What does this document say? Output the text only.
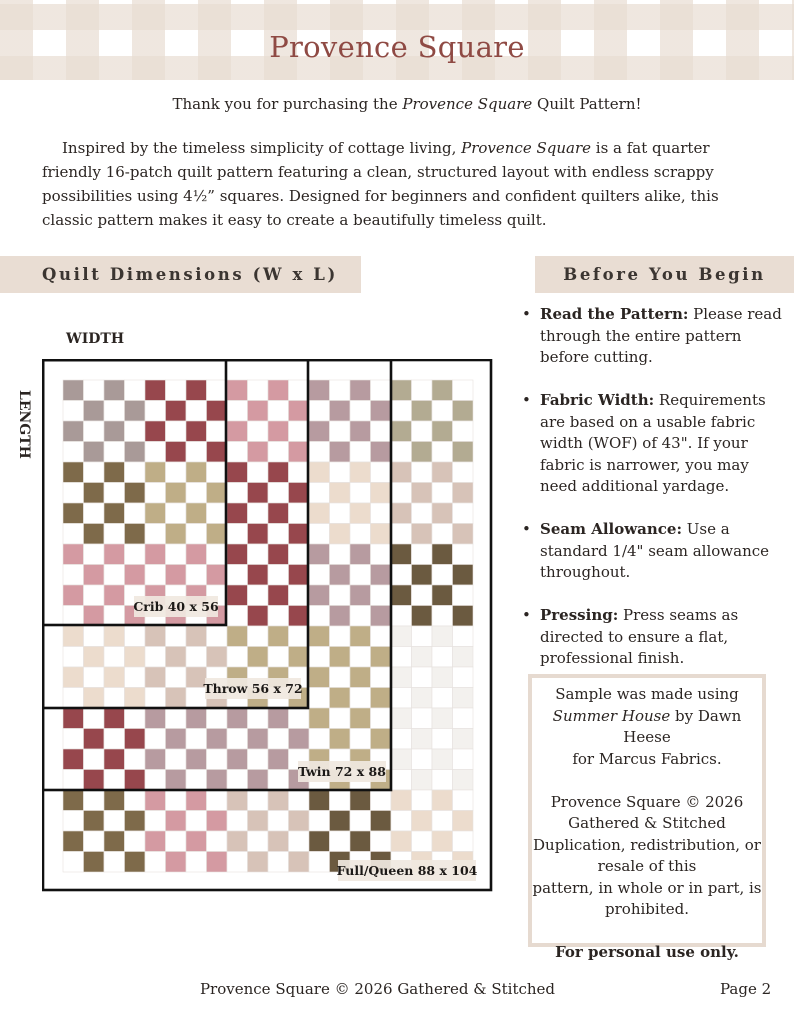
Provence Square
Thank you for purchasing the Provence Square Quilt Pattern!

Inspired by the timeless simplicity of cottage living, Provence Square is a fat quarter friendly 16-patch quilt pattern featuring a clean, structured layout with endless scrappy possibilities using 4½” squares. Designed for beginners and confident quilters alike, this classic pattern makes it easy to create a beautifully timeless quilt.

Quilt Dimensions (W x L)	Before You Begin
WIDTH
LENGTH
Crib 40 x 56
Throw 56 x 72
Twin 72 x 88
Full/Queen 88 x 104
• Read the Pattern: Please read through the entire pattern before cutting.
• Fabric Width: Requirements are based on a usable fabric width (WOF) of 43". If your fabric is narrower, you may need additional yardage.
• Seam Allowance: Use a standard 1/4" seam allowance throughout.
• Pressing: Press seams as directed to ensure a flat, professional finish.
Sample was made using
Summer House by Dawn Heese
for Marcus Fabrics.
Provence Square © 2026
Gathered & Stitched
Duplication, redistribution, or
resale of this
pattern, in whole or in part, is
prohibited.
For personal use only.
Provence Square © 2026 Gathered & Stitched	Page 2
